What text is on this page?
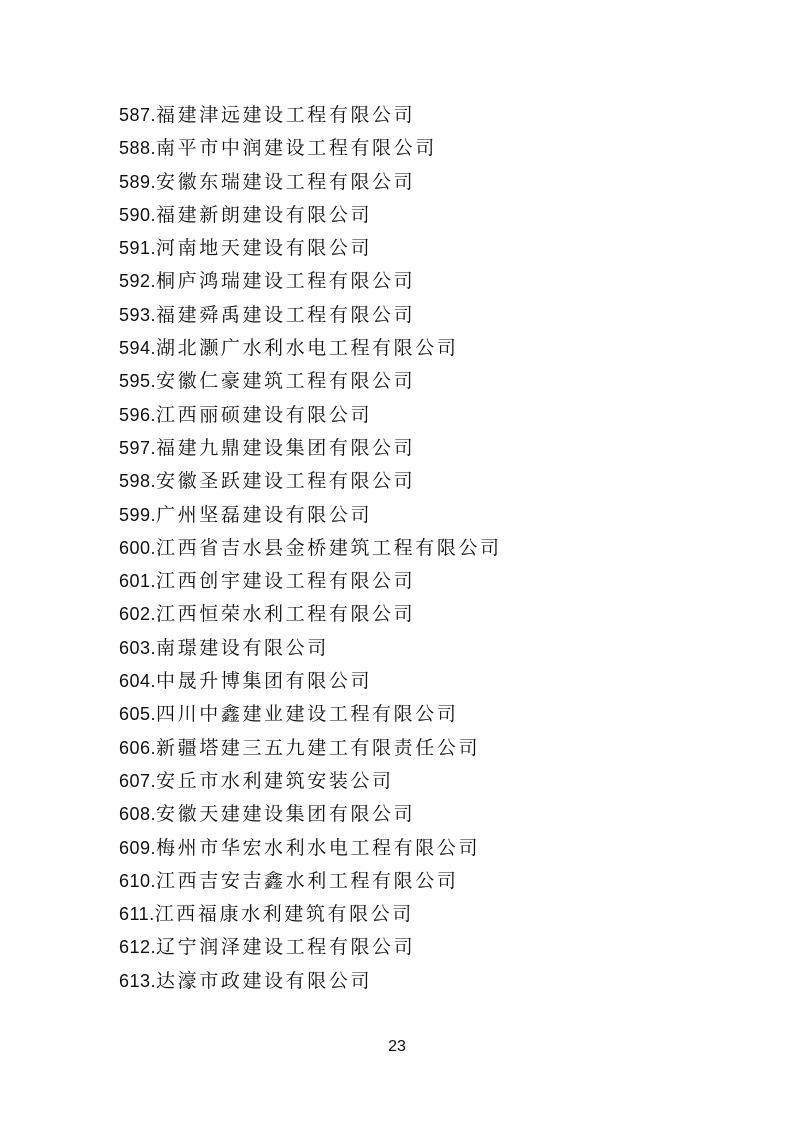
587.福建津远建设工程有限公司
588.南平市中润建设工程有限公司
589.安徽东瑞建设工程有限公司
590.福建新朗建设有限公司
591.河南地天建设有限公司
592.桐庐鸿瑞建设工程有限公司
593.福建舜禹建设工程有限公司
594.湖北灏广水利水电工程有限公司
595.安徽仁豪建筑工程有限公司
596.江西丽硕建设有限公司
597.福建九鼎建设集团有限公司
598.安徽圣跃建设工程有限公司
599.广州坚磊建设有限公司
600.江西省吉水县金桥建筑工程有限公司
601.江西创宇建设工程有限公司
602.江西恒荣水利工程有限公司
603.南璟建设有限公司
604.中晟升博集团有限公司
605.四川中鑫建业建设工程有限公司
606.新疆塔建三五九建工有限责任公司
607.安丘市水利建筑安装公司
608.安徽天建建设集团有限公司
609.梅州市华宏水利水电工程有限公司
610.江西吉安吉鑫水利工程有限公司
611.江西福康水利建筑有限公司
612.辽宁润泽建设工程有限公司
613.达濠市政建设有限公司
23
